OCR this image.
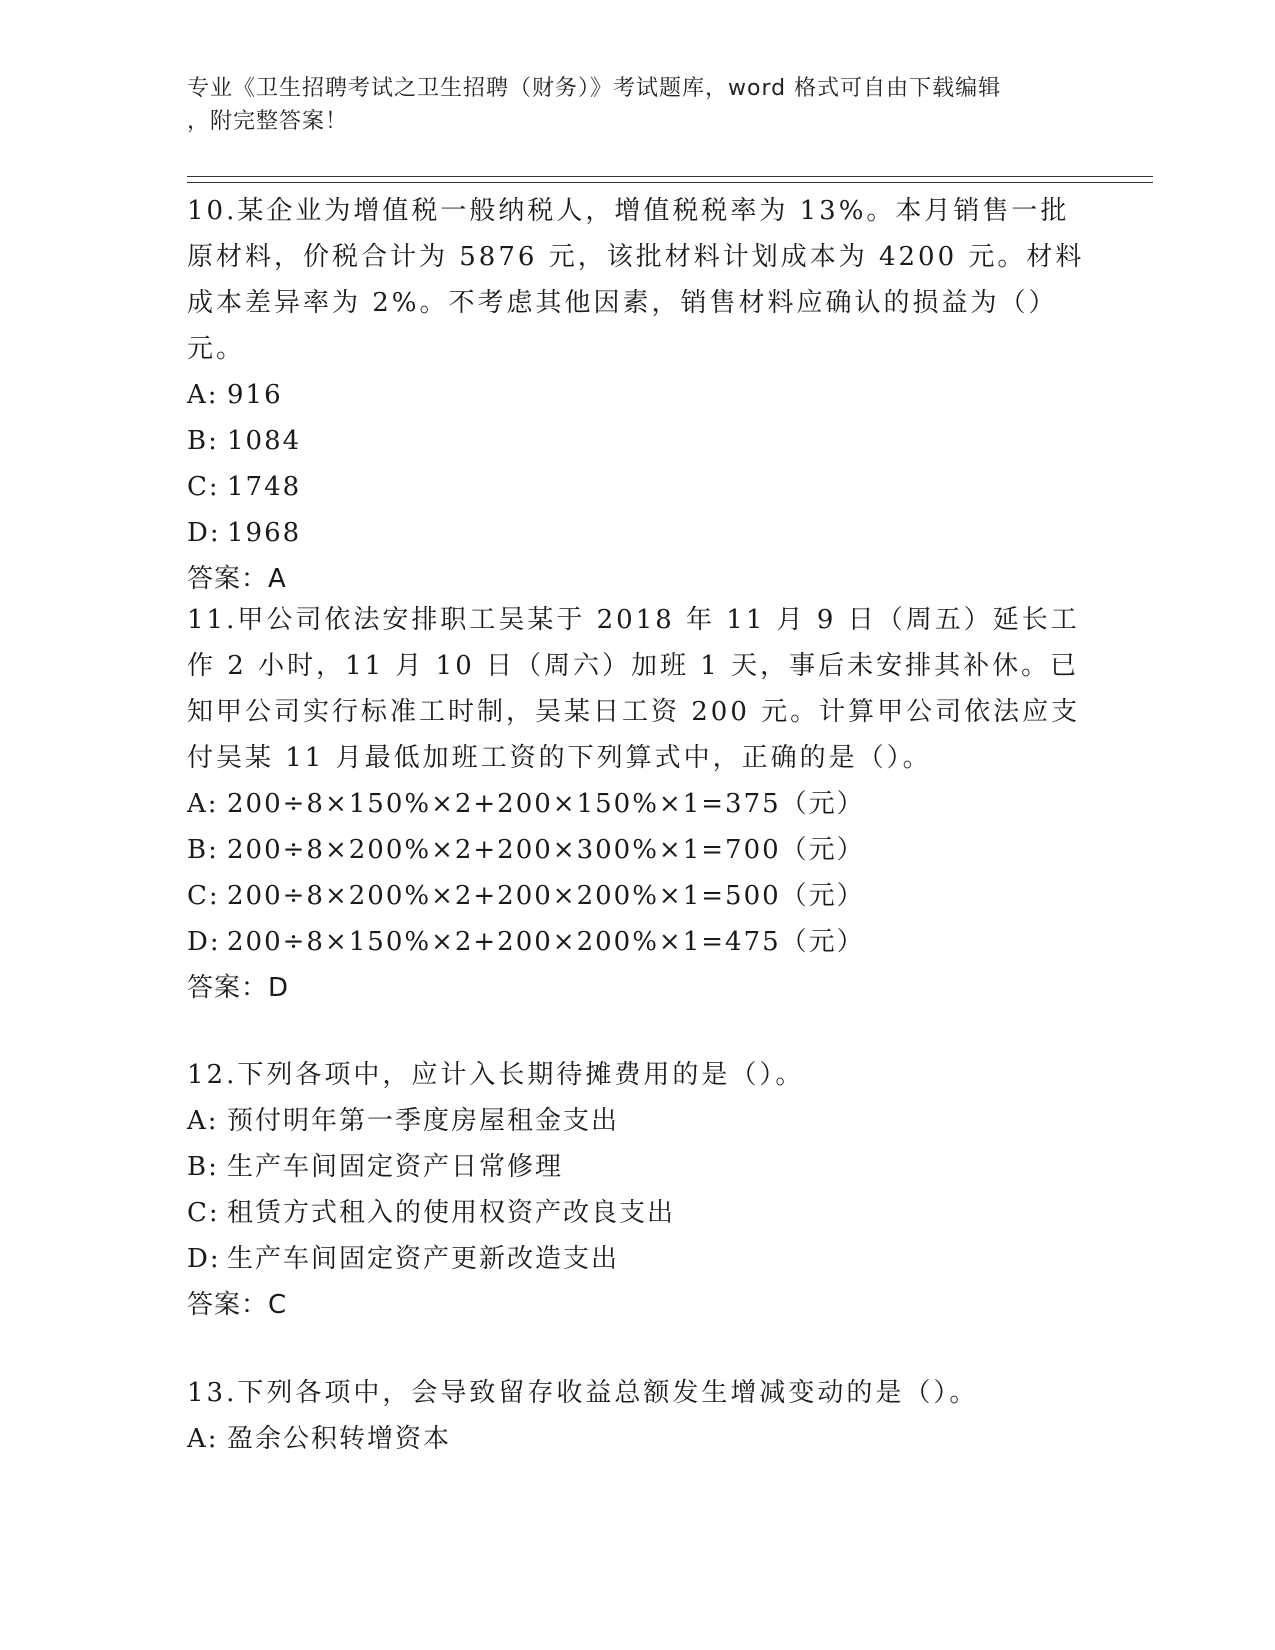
专业《卫生招聘考试之卫生招聘（财务）》考试题库，word 格式可自由下载编辑
，附完整答案！

10.某企业为增值税一般纳税人，增值税税率为 13%。本月销售一批原材料，价税合计为 5876 元，该批材料计划成本为 4200 元。材料成本差异率为 2%。不考虑其他因素，销售材料应确认的损益为（）元。

A: 916

B: 1084

C: 1748

D: 1968

答案：A

11.甲公司依法安排职工吴某于 2018 年 11 月 9 日（周五）延长工作 2 小时，11 月 10 日（周六）加班 1 天，事后未安排其补休。已知甲公司实行标准工时制，吴某日工资 200 元。计算甲公司依法应支付吴某 11 月最低加班工资的下列算式中，正确的是（）。

A: 200÷8×150%×2+200×150%×1=375（元）

B: 200÷8×200%×2+200×300%×1=700（元）

C: 200÷8×200%×2+200×200%×1=500（元）

D: 200÷8×150%×2+200×200%×1=475（元）

答案：D

12.下列各项中，应计入长期待摊费用的是（）。

A: 预付明年第一季度房屋租金支出

B: 生产车间固定资产日常修理

C: 租赁方式租入的使用权资产改良支出

D: 生产车间固定资产更新改造支出

答案：C

13.下列各项中，会导致留存收益总额发生增减变动的是（）。

A: 盈余公积转增资本
